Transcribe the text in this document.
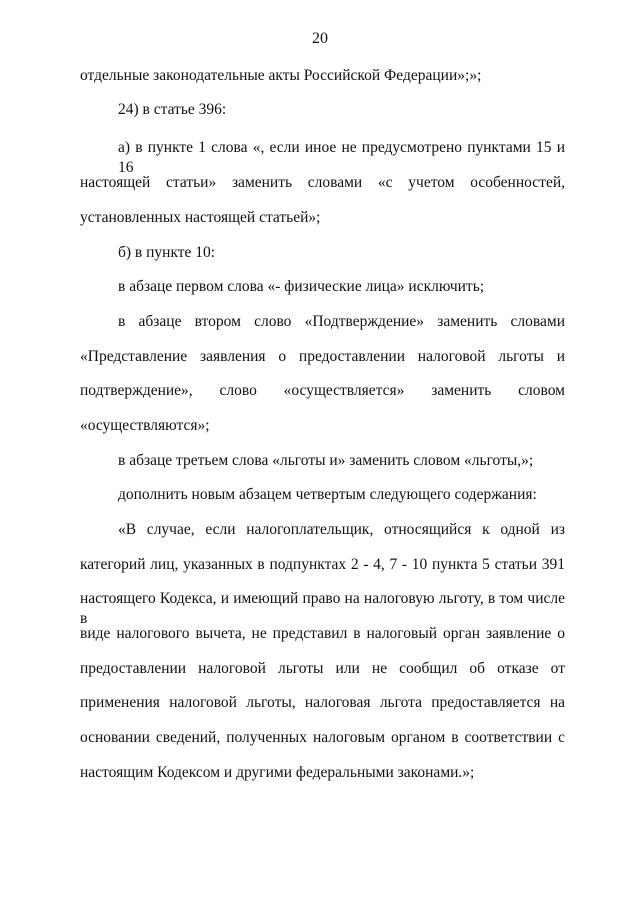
20
отдельные законодательные акты Российской Федерации»;»;
24) в статье 396:
а) в пункте 1 слова «, если иное не предусмотрено пунктами 15 и 16
настоящей статьи» заменить словами «с учетом особенностей,
установленных настоящей статьей»;
б) в пункте 10:
в абзаце первом слова «- физические лица» исключить;
в абзаце втором слово «Подтверждение» заменить словами
«Представление заявления о предоставлении налоговой льготы и
подтверждение», слово «осуществляется» заменить словом
«осуществляются»;
в абзаце третьем слова «льготы и» заменить словом «льготы,»;
дополнить новым абзацем четвертым следующего содержания:
«В случае, если налогоплательщик, относящийся к одной из
категорий лиц, указанных в подпунктах 2 - 4, 7 - 10 пункта 5 статьи 391
настоящего Кодекса, и имеющий право на налоговую льготу, в том числе в
виде налогового вычета, не представил в налоговый орган заявление о
предоставлении налоговой льготы или не сообщил об отказе от
применения налоговой льготы, налоговая льгота предоставляется на
основании сведений, полученных налоговым органом в соответствии с
настоящим Кодексом и другими федеральными законами.»;
